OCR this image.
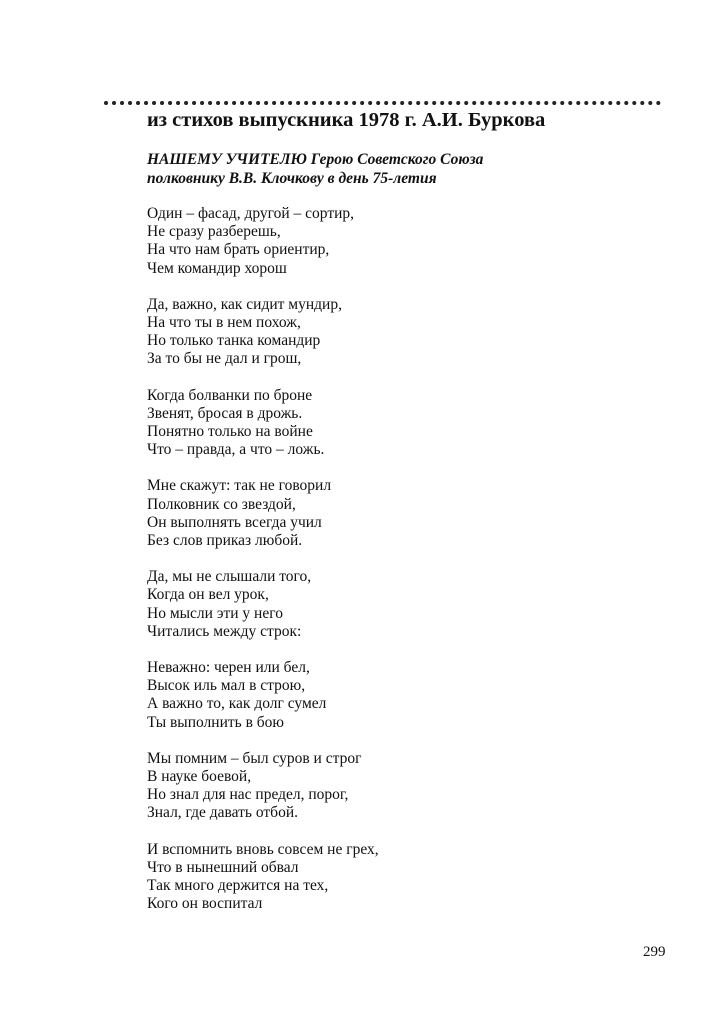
из стихов выпускника 1978 г. А.И. Буркова
НАШЕМУ УЧИТЕЛЮ Герою Советского Союза
полковнику В.В. Клочкову в день 75-летия
Один – фасад, другой – сортир,
Не сразу разберешь,
На что нам брать ориентир,
Чем командир хорош
Да, важно, как сидит мундир,
На что ты в нем похож,
Но только танка командир
За то бы не дал и грош,
Когда болванки по броне
Звенят, бросая в дрожь.
Понятно только на войне
Что – правда, а что – ложь.
Мне скажут: так не говорил
Полковник со звездой,
Он выполнять всегда учил
Без слов приказ любой.
Да, мы не слышали того,
Когда он вел урок,
Но мысли эти у него
Читались между строк:
Неважно: черен или бел,
Высок иль мал в строю,
А важно то, как долг сумел
Ты выполнить в бою
Мы помним – был суров и строг
В науке боевой,
Но знал для нас предел, порог,
Знал, где давать отбой.
И вспомнить вновь совсем не грех,
Что в нынешний обвал
Так много держится на тех,
Кого он воспитал

299
